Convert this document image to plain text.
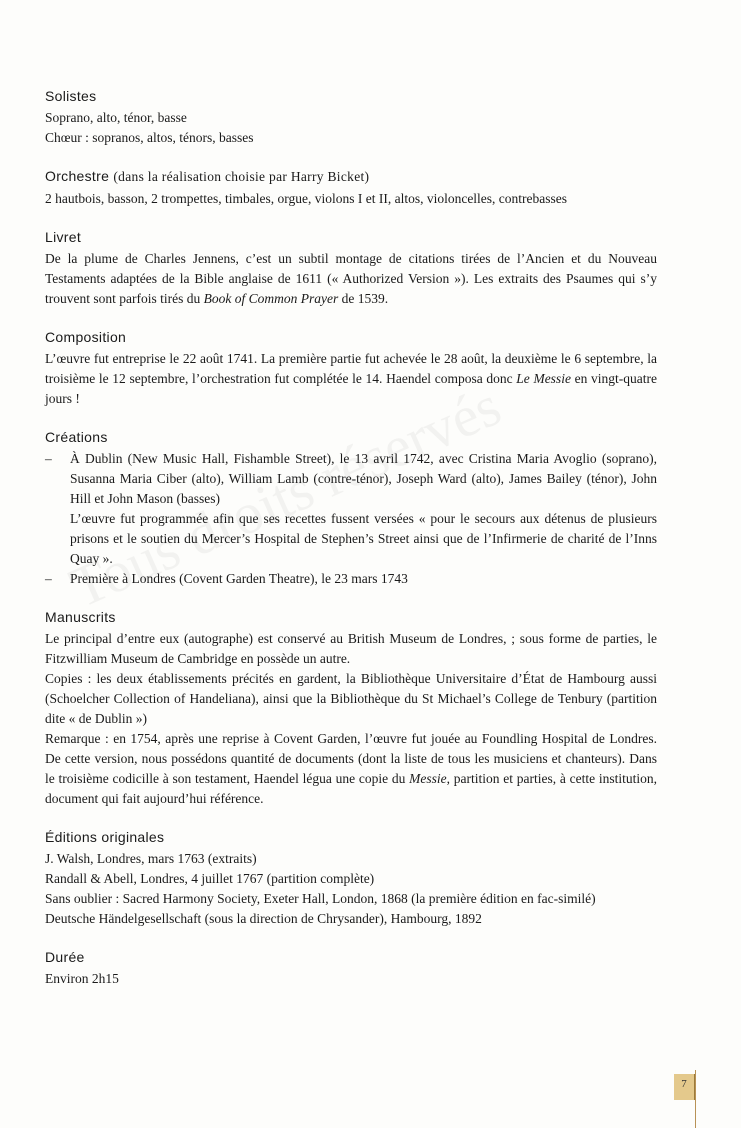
Solistes

Soprano, alto, ténor, basse

Chœur : sopranos, altos, ténors, basses

Orchestre (dans la réalisation choisie par Harry Bicket)

2 hautbois, basson, 2 trompettes, timbales, orgue, violons I et II, altos, violoncelles, contrebasses

Livret

De la plume de Charles Jennens, c’est un subtil montage de citations tirées de l’Ancien et du Nouveau Testaments adaptées de la Bible anglaise de 1611 (« Authorized Version »). Les extraits des Psaumes qui s’y trouvent sont parfois tirés du Book of Common Prayer de 1539.

Composition

L’œuvre fut entreprise le 22 août 1741. La première partie fut achevée le 28 août, la deuxième le 6 septembre, la troisième le 12 septembre, l’orchestration fut complétée le 14. Haendel composa donc Le Messie en vingt-quatre jours !

Créations
– À Dublin (New Music Hall, Fishamble Street), le 13 avril 1742, avec Cristina Maria Avoglio (soprano), Susanna Maria Ciber (alto), William Lamb (contre-ténor), Joseph Ward (alto), James Bailey (ténor), John Hill et John Mason (basses)

L’œuvre fut programmée afin que ses recettes fussent versées « pour le secours aux détenus de plusieurs prisons et le soutien du Mercer’s Hospital de Stephen’s Street ainsi que de l’Infirmerie de charité de l’Inns Quay ».

– Première à Londres (Covent Garden Theatre), le 23 mars 1743

Manuscrits

Le principal d’entre eux (autographe) est conservé au British Museum de Londres, ; sous forme de parties, le Fitzwilliam Museum de Cambridge en possède un autre.

Copies : les deux établissements précités en gardent, la Bibliothèque Universitaire d’État de Hambourg aussi (Schoelcher Collection of Handeliana), ainsi que la Bibliothèque du St Michael’s College de Tenbury (partition dite « de Dublin »)

Remarque : en 1754, après une reprise à Covent Garden, l’œuvre fut jouée au Foundling Hospital de Londres. De cette version, nous possédons quantité de documents (dont la liste de tous les musiciens et chanteurs). Dans le troisième codicille à son testament, Haendel légua une copie du Messie, partition et parties, à cette institution, document qui fait aujourd’hui référence.

Éditions originales

J. Walsh, Londres, mars 1763 (extraits)

Randall & Abell, Londres, 4 juillet 1767 (partition complète)

Sans oublier : Sacred Harmony Society, Exeter Hall, London, 1868 (la première édition en fac-similé)

Deutsche Händelgesellschaft (sous la direction de Chrysander), Hambourg, 1892

Durée

Environ 2h15

7
